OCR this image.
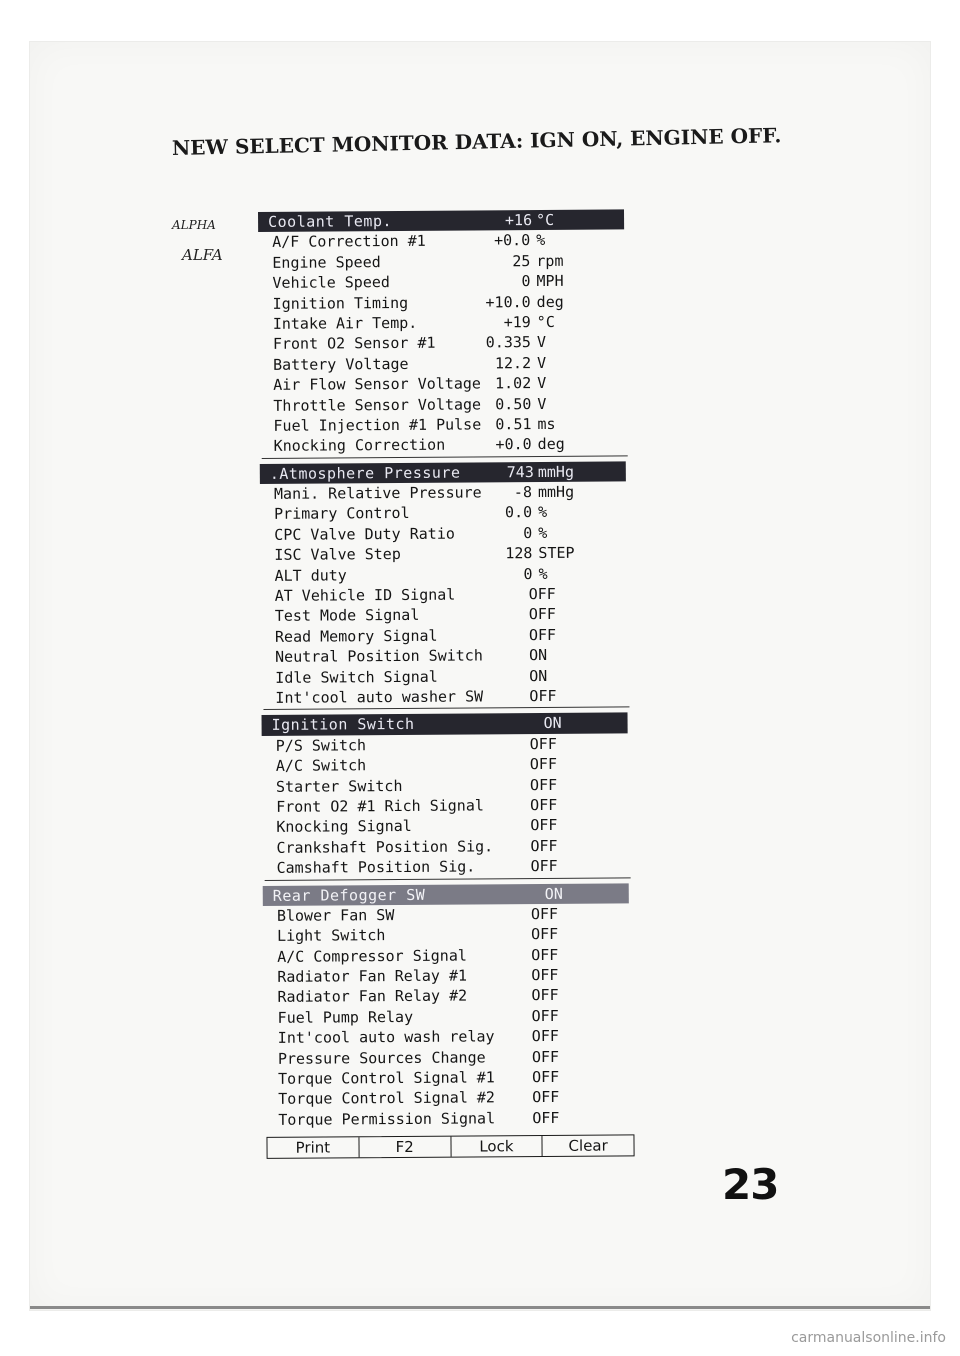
NEW SELECT MONITOR DATA: IGN ON, ENGINE OFF.
ALPHA
ALFA
Coolant Temp.	+16 °C
A/F Correction #1	+0.0 %
Engine Speed	25 rpm
Vehicle Speed	0 MPH
Ignition Timing	+10.0 deg
Intake Air Temp.	+19 °C
Front O2 Sensor #1	0.335 V
Battery Voltage	12.2 V
Air Flow Sensor Voltage 1.02 V
Throttle Sensor Voltage 0.50 V
Fuel Injection #1 Pulse 0.51 ms
Knocking Correction	+0.0 deg
.Atmosphere Pressure	743 mmHg
Mani. Relative Pressure -8 mmHg
Primary Control	0.0 %
CPC Valve Duty Ratio	0 %
ISC Valve Step	128 STEP
ALT duty	0 %
AT Vehicle ID Signal	OFF
Test Mode Signal	OFF
Read Memory Signal	OFF
Neutral Position Switch	ON
Idle Switch Signal	ON
Int'cool auto washer SW	OFF
Ignition Switch	ON
P/S Switch	OFF
A/C Switch	OFF
Starter Switch	OFF
Front O2 #1 Rich Signal	OFF
Knocking Signal	OFF
Crankshaft Position Sig. OFF
Camshaft Position Sig.	OFF
Rear Defogger SW	ON
Blower Fan SW	OFF
Light Switch	OFF
A/C Compressor Signal	OFF
Radiator Fan Relay #1	OFF
Radiator Fan Relay #2	OFF
Fuel Pump Relay	OFF
Int'cool auto wash relay OFF
Pressure Sources Change	OFF
Torque Control Signal #1 OFF
Torque Control Signal #2 OFF
Torque Permission Signal OFF
Print	F2	Lock	Clear
23
carmanualsonline.info
